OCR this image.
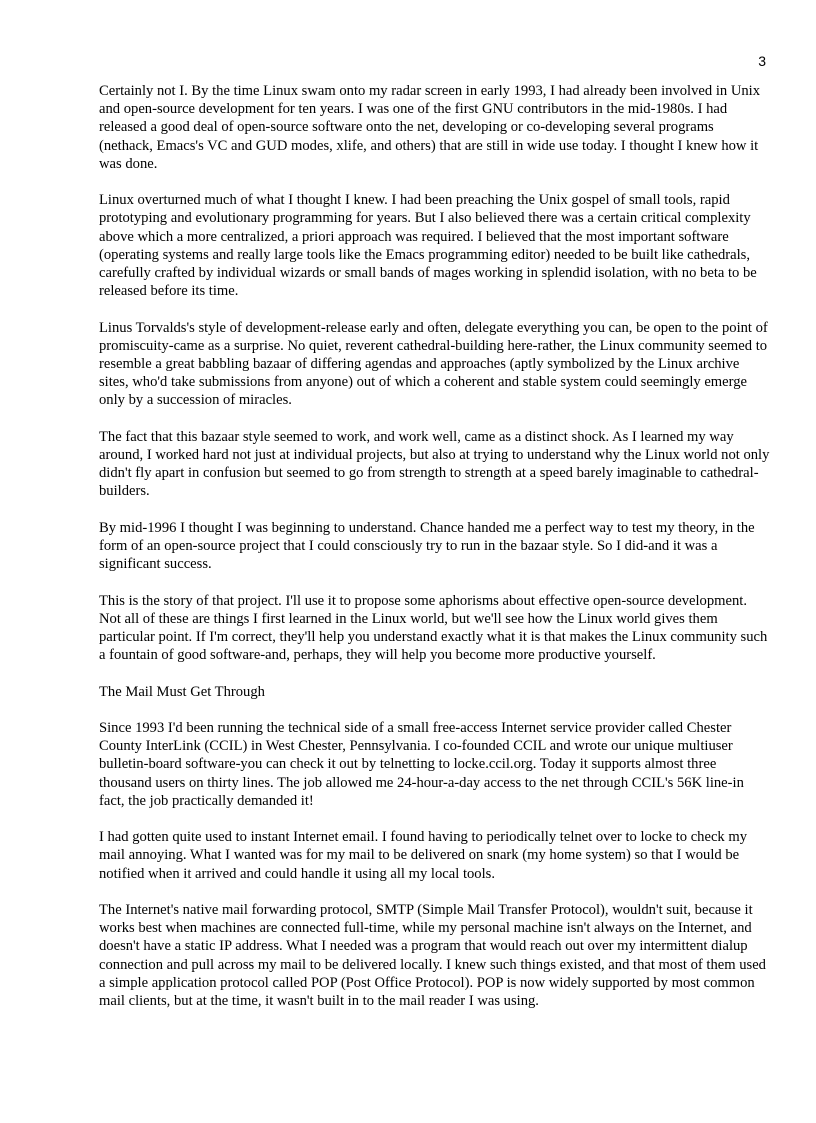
3

Certainly not I. By the time Linux swam onto my radar screen in early 1993, I had already been involved in Unix and open-source development for ten years. I was one of the first GNU contributors in the mid-1980s. I had released a good deal of open-source software onto the net, developing or co-developing several programs (nethack, Emacs's VC and GUD modes, xlife, and others) that are still in wide use today. I thought I knew how it was done.

Linux overturned much of what I thought I knew. I had been preaching the Unix gospel of small tools, rapid prototyping and evolutionary programming for years. But I also believed there was a certain critical complexity above which a more centralized, a priori approach was required. I believed that the most important software (operating systems and really large tools like the Emacs programming editor) needed to be built like cathedrals, carefully crafted by individual wizards or small bands of mages working in splendid isolation, with no beta to be released before its time.

Linus Torvalds's style of development-release early and often, delegate everything you can, be open to the point of promiscuity-came as a surprise. No quiet, reverent cathedral-building here-rather, the Linux community seemed to resemble a great babbling bazaar of differing agendas and approaches (aptly symbolized by the Linux archive sites, who'd take submissions from anyone) out of which a coherent and stable system could seemingly emerge only by a succession of miracles.

The fact that this bazaar style seemed to work, and work well, came as a distinct shock. As I learned my way around, I worked hard not just at individual projects, but also at trying to understand why the Linux world not only didn't fly apart in confusion but seemed to go from strength to strength at a speed barely imaginable to cathedral-builders.

By mid-1996 I thought I was beginning to understand. Chance handed me a perfect way to test my theory, in the form of an open-source project that I could consciously try to run in the bazaar style. So I did-and it was a significant success.

This is the story of that project. I'll use it to propose some aphorisms about effective open-source development. Not all of these are things I first learned in the Linux world, but we'll see how the Linux world gives them particular point. If I'm correct, they'll help you understand exactly what it is that makes the Linux community such a fountain of good software-and, perhaps, they will help you become more productive yourself.

The Mail Must Get Through

Since 1993 I'd been running the technical side of a small free-access Internet service provider called Chester County InterLink (CCIL) in West Chester, Pennsylvania. I co-founded CCIL and wrote our unique multiuser bulletin-board software-you can check it out by telnetting to locke.ccil.org. Today it supports almost three thousand users on thirty lines. The job allowed me 24-hour-a-day access to the net through CCIL's 56K line-in fact, the job practically demanded it!

I had gotten quite used to instant Internet email. I found having to periodically telnet over to locke to check my mail annoying. What I wanted was for my mail to be delivered on snark (my home system) so that I would be notified when it arrived and could handle it using all my local tools.

The Internet's native mail forwarding protocol, SMTP (Simple Mail Transfer Protocol), wouldn't suit, because it works best when machines are connected full-time, while my personal machine isn't always on the Internet, and doesn't have a static IP address. What I needed was a program that would reach out over my intermittent dialup connection and pull across my mail to be delivered locally. I knew such things existed, and that most of them used a simple application protocol called POP (Post Office Protocol). POP is now widely supported by most common mail clients, but at the time, it wasn't built in to the mail reader I was using.
